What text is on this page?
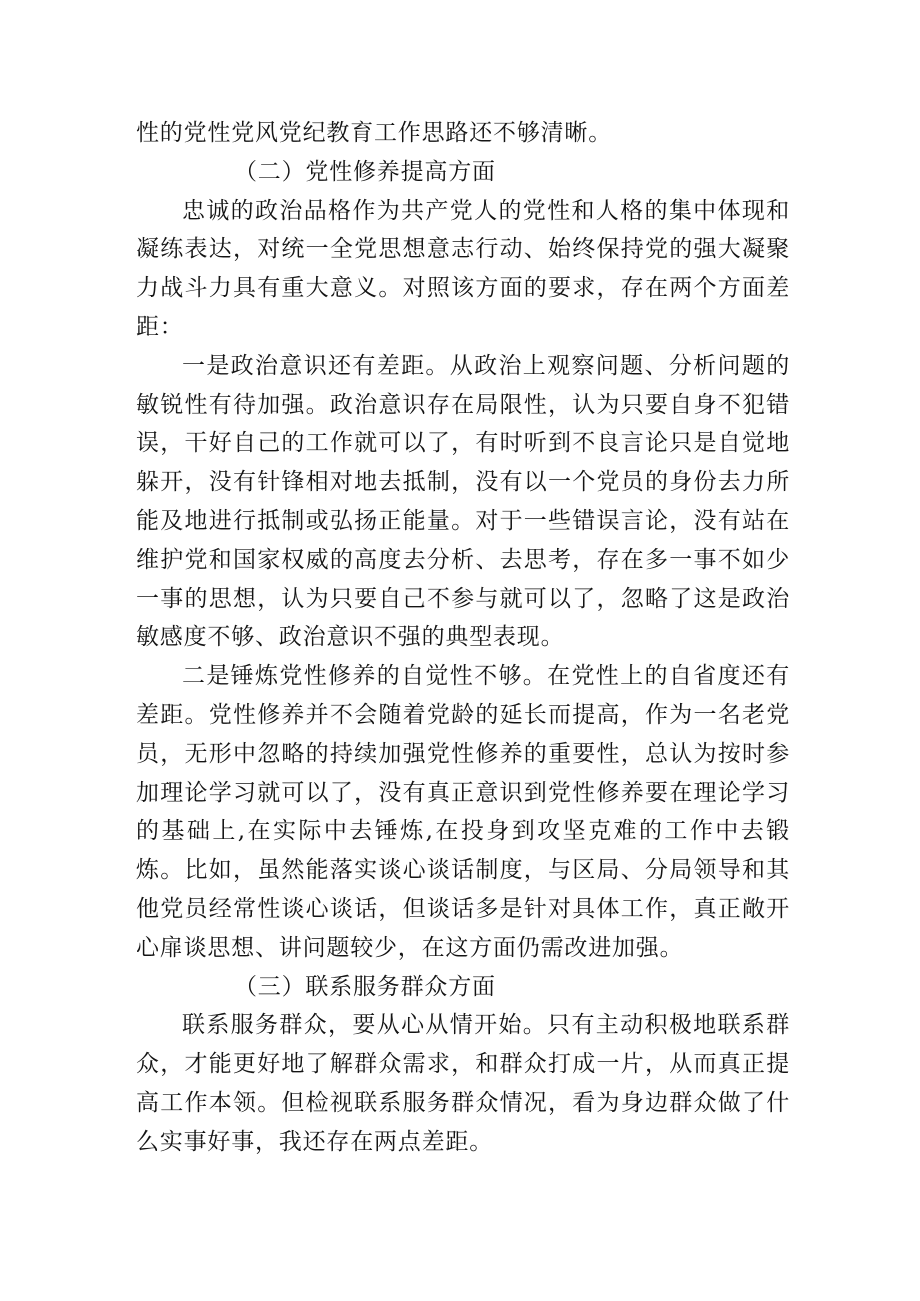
性的党性党风党纪教育工作思路还不够清晰。

（二）党性修养提高方面

忠诚的政治品格作为共产党人的党性和人格的集中体现和凝练表达，对统一全党思想意志行动、始终保持党的强大凝聚力战斗力具有重大意义。对照该方面的要求，存在两个方面差距：

一是政治意识还有差距。从政治上观察问题、分析问题的敏锐性有待加强。政治意识存在局限性，认为只要自身不犯错误，干好自己的工作就可以了，有时听到不良言论只是自觉地躲开，没有针锋相对地去抵制，没有以一个党员的身份去力所能及地进行抵制或弘扬正能量。对于一些错误言论，没有站在维护党和国家权威的高度去分析、去思考，存在多一事不如少一事的思想，认为只要自己不参与就可以了，忽略了这是政治敏感度不够、政治意识不强的典型表现。

二是锤炼党性修养的自觉性不够。在党性上的自省度还有差距。党性修养并不会随着党龄的延长而提高，作为一名老党员，无形中忽略的持续加强党性修养的重要性，总认为按时参加理论学习就可以了，没有真正意识到党性修养要在理论学习的基础上,在实际中去锤炼,在投身到攻坚克难的工作中去锻炼。比如，虽然能落实谈心谈话制度，与区局、分局领导和其他党员经常性谈心谈话，但谈话多是针对具体工作，真正敞开心扉谈思想、讲问题较少，在这方面仍需改进加强。

（三）联系服务群众方面

联系服务群众，要从心从情开始。只有主动积极地联系群众，才能更好地了解群众需求，和群众打成一片，从而真正提高工作本领。但检视联系服务群众情况，看为身边群众做了什么实事好事，我还存在两点差距。
